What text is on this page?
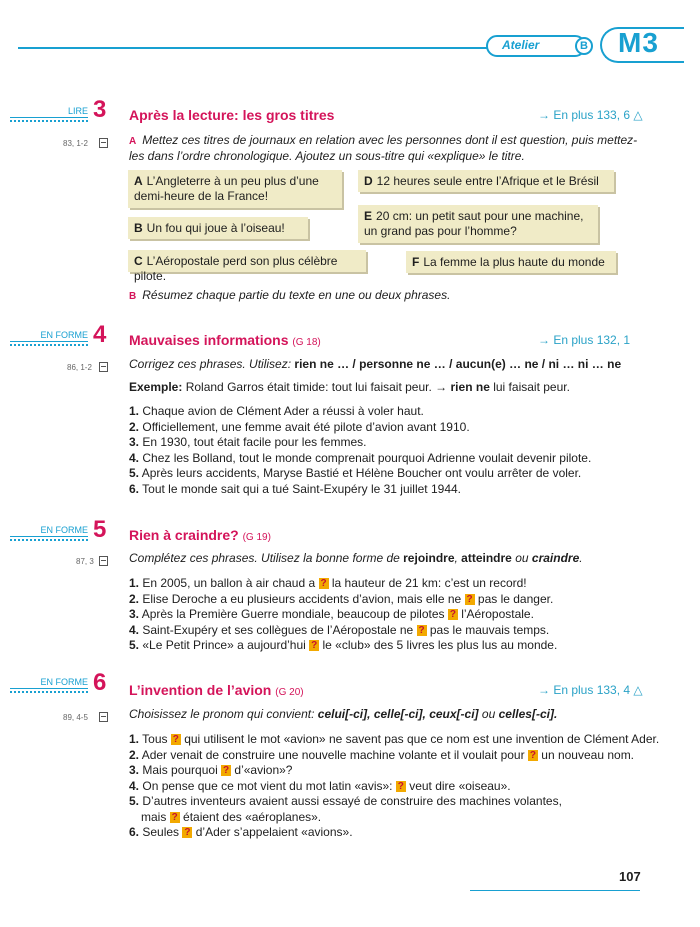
Atelier	B M3
LIRE 3 Après la lecture: les gros titres	→ En plus 133, 6 △
83, 1-2	A Mettez ces titres de journaux en relation avec les personnes dont il est question, puis mettez-les dans l’ordre chronologique. Ajoutez un sous-titre qui «explique» le titre.
A L’Angleterre à un peu plus d’une demi-heure de la France!
B Un fou qui joue à l’oiseau!
C L’Aéropostale perd son plus célèbre pilote.
D 12 heures seule entre l’Afrique et le Brésil
E 20 cm: un petit saut pour une machine, un grand pas pour l’homme?
F La femme la plus haute du monde
B Résumez chaque partie du texte en une ou deux phrases.
EN FORME 4 Mauvaises informations (G 18)	→ En plus 132, 1
86, 1-2	Corrigez ces phrases. Utilisez: rien ne … / personne ne … / aucun(e) … ne / ni … ni … ne
Exemple: Roland Garros était timide: tout lui faisait peur. → rien ne lui faisait peur.
1. Chaque avion de Clément Ader a réussi à voler haut.
2. Officiellement, une femme avait été pilote d’avion avant 1910.
3. En 1930, tout était facile pour les femmes.
4. Chez les Bolland, tout le monde comprenait pourquoi Adrienne voulait devenir pilote.
5. Après leurs accidents, Maryse Bastié et Hélène Boucher ont voulu arrêter de voler.
6. Tout le monde sait qui a tué Saint-Exupéry le 31 juillet 1944.
EN FORME 5 Rien à craindre? (G 19)
87, 3	Complétez ces phrases. Utilisez la bonne forme de rejoindre, atteindre ou craindre.
1. En 2005, un ballon à air chaud a ? la hauteur de 21 km: c’est un record!
2. Elise Deroche a eu plusieurs accidents d’avion, mais elle ne ? pas le danger.
3. Après la Première Guerre mondiale, beaucoup de pilotes ? l’Aéropostale.
4. Saint-Exupéry et ses collègues de l’Aéropostale ne ? pas le mauvais temps.
5. «Le Petit Prince» a aujourd’hui ? le «club» des 5 livres les plus lus au monde.
EN FORME 6 L’invention de l’avion (G 20)	→ En plus 133, 4 △
89, 4-5	Choisissez le pronom qui convient: celui[-ci], celle[-ci], ceux[-ci] ou celles[-ci].
1. Tous ? qui utilisent le mot «avion» ne savent pas que ce nom est une invention de Clément Ader.
2. Ader venait de construire une nouvelle machine volante et il voulait pour ? un nouveau nom.
3. Mais pourquoi ? d’«avion»?
4. On pense que ce mot vient du mot latin «avis»: ? veut dire «oiseau».
5. D’autres inventeurs avaient aussi essayé de construire des machines volantes,
mais ? étaient des «aéroplanes».
6. Seules ? d’Ader s’appelaient «avions».
107
